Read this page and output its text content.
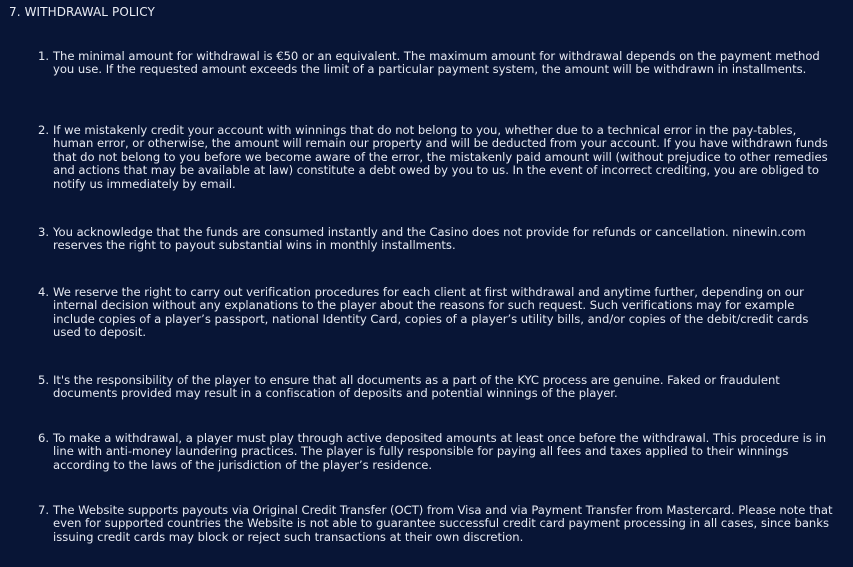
7. WITHDRAWAL POLICY
1. The minimal amount for withdrawal is €50 or an equivalent. The maximum amount for withdrawal depends on the payment method you use. If the requested amount exceeds the limit of a particular payment system, the amount will be withdrawn in installments.
2. If we mistakenly credit your account with winnings that do not belong to you, whether due to a technical error in the pay-tables, human error, or otherwise, the amount will remain our property and will be deducted from your account. If you have withdrawn funds that do not belong to you before we become aware of the error, the mistakenly paid amount will (without prejudice to other remedies and actions that may be available at law) constitute a debt owed by you to us. In the event of incorrect crediting, you are obliged to notify us immediately by email.
3. You acknowledge that the funds are consumed instantly and the Casino does not provide for refunds or cancellation. ninewin.com reserves the right to payout substantial wins in monthly installments.
4. We reserve the right to carry out verification procedures for each client at first withdrawal and anytime further, depending on our internal decision without any explanations to the player about the reasons for such request. Such verifications may for example include copies of a player’s passport, national Identity Card, copies of a player’s utility bills, and/or copies of the debit/credit cards used to deposit.
5. It's the responsibility of the player to ensure that all documents as a part of the KYC process are genuine. Faked or fraudulent documents provided may result in a confiscation of deposits and potential winnings of the player.
6. To make a withdrawal, a player must play through active deposited amounts at least once before the withdrawal. This procedure is in line with anti-money laundering practices. The player is fully responsible for paying all fees and taxes applied to their winnings according to the laws of the jurisdiction of the player’s residence.
7. The Website supports payouts via Original Credit Transfer (OCT) from Visa and via Payment Transfer from Mastercard. Please note that even for supported countries the Website is not able to guarantee successful credit card payment processing in all cases, since banks issuing credit cards may block or reject such transactions at their own discretion.
